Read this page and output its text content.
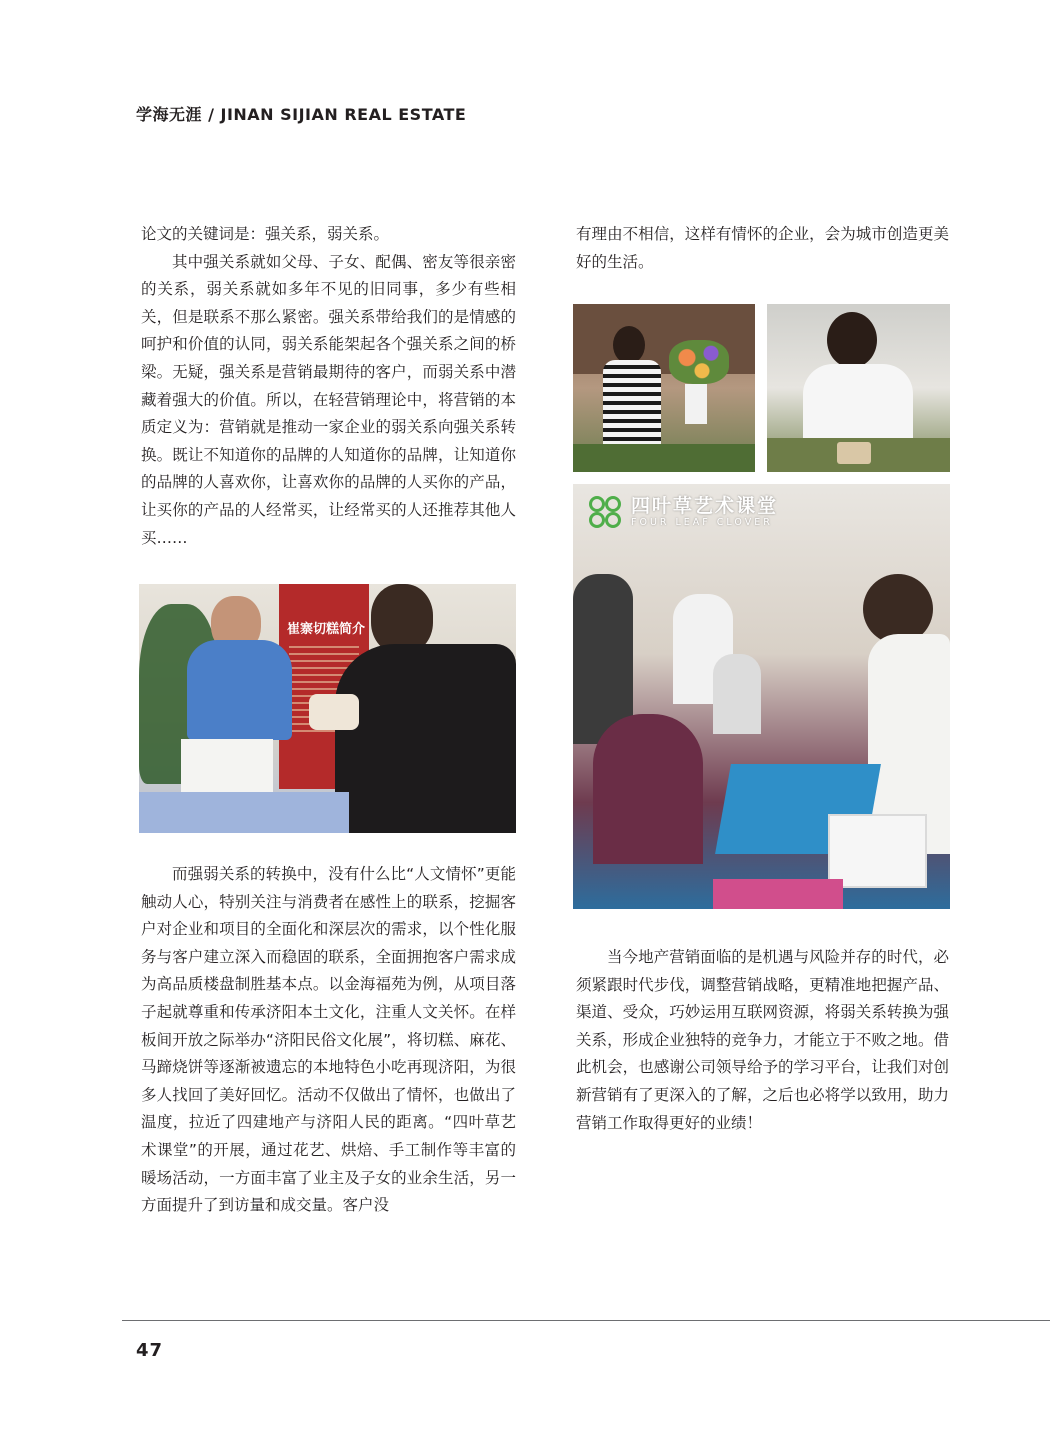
学海无涯 / JINAN SIJIAN REAL ESTATE

论文的关键词是：强关系，弱关系。

其中强关系就如父母、子女、配偶、密友等很亲密的关系，弱关系就如多年不见的旧同事，多少有些相关，但是联系不那么紧密。强关系带给我们的是情感的呵护和价值的认同，弱关系能架起各个强关系之间的桥梁。无疑，强关系是营销最期待的客户，而弱关系中潜藏着强大的价值。所以，在轻营销理论中，将营销的本质定义为：营销就是推动一家企业的弱关系向强关系转换。既让不知道你的品牌的人知道你的品牌，让知道你的品牌的人喜欢你，让喜欢你的品牌的人买你的产品，让买你的产品的人经常买，让经常买的人还推荐其他人买……

崔寨切糕简介

而强弱关系的转换中，没有什么比“人文情怀”更能触动人心，特别关注与消费者在感性上的联系，挖掘客户对企业和项目的全面化和深层次的需求，以个性化服务与客户建立深入而稳固的联系，全面拥抱客户需求成为高品质楼盘制胜基本点。以金海福苑为例，从项目落子起就尊重和传承济阳本土文化，注重人文关怀。在样板间开放之际举办“济阳民俗文化展”，将切糕、麻花、马蹄烧饼等逐渐被遗忘的本地特色小吃再现济阳，为很多人找回了美好回忆。活动不仅做出了情怀，也做出了温度，拉近了四建地产与济阳人民的距离。“四叶草艺术课堂”的开展，通过花艺、烘焙、手工制作等丰富的暖场活动，一方面丰富了业主及子女的业余生活，另一方面提升了到访量和成交量。客户没

有理由不相信，这样有情怀的企业，会为城市创造更美好的生活。

四叶草艺术课堂
FOUR LEAF CLOVER

当今地产营销面临的是机遇与风险并存的时代，必须紧跟时代步伐，调整营销战略，更精准地把握产品、渠道、受众，巧妙运用互联网资源，将弱关系转换为强关系，形成企业独特的竞争力，才能立于不败之地。借此机会，也感谢公司领导给予的学习平台，让我们对创新营销有了更深入的了解，之后也必将学以致用，助力营销工作取得更好的业绩！

47
